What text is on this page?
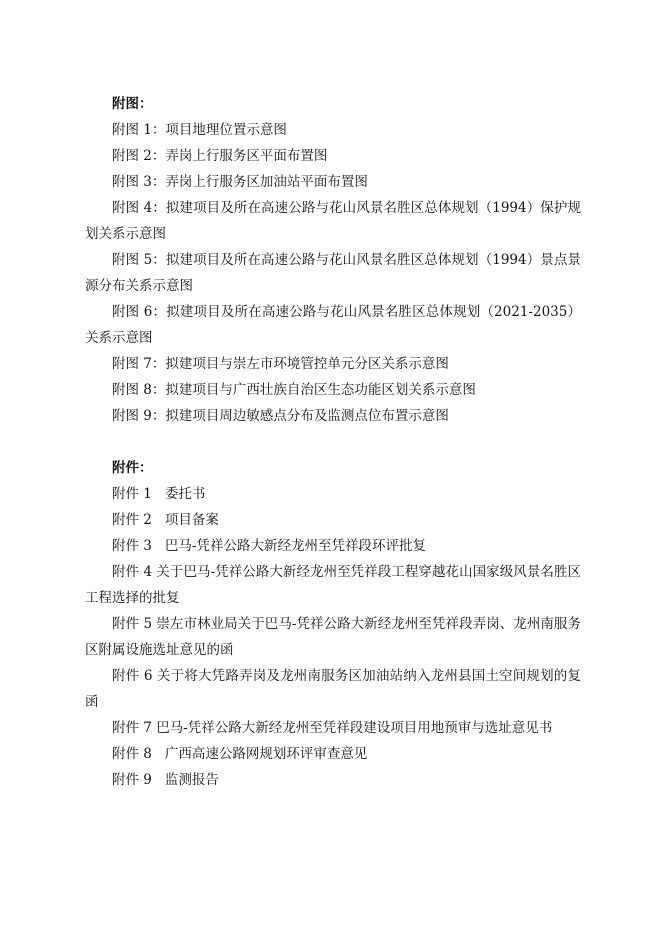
附图：

附图 1：项目地理位置示意图

附图 2：弄岗上行服务区平面布置图

附图 3：弄岗上行服务区加油站平面布置图

附图 4：拟建项目及所在高速公路与花山风景名胜区总体规划（1994）保护规划关系示意图

附图 5：拟建项目及所在高速公路与花山风景名胜区总体规划（1994）景点景源分布关系示意图

附图 6：拟建项目及所在高速公路与花山风景名胜区总体规划（2021-2035）关系示意图

附图 7：拟建项目与崇左市环境管控单元分区关系示意图

附图 8：拟建项目与广西壮族自治区生态功能区划关系示意图

附图 9：拟建项目周边敏感点分布及监测点位布置示意图

附件：

附件 1 委托书

附件 2 项目备案

附件 3 巴马-凭祥公路大新经龙州至凭祥段环评批复

附件 4 关于巴马-凭祥公路大新经龙州至凭祥段工程穿越花山国家级风景名胜区工程选择的批复

附件 5 崇左市林业局关于巴马-凭祥公路大新经龙州至凭祥段弄岗、龙州南服务区附属设施选址意见的函

附件 6 关于将大凭路弄岗及龙州南服务区加油站纳入龙州县国土空间规划的复函

附件 7 巴马-凭祥公路大新经龙州至凭祥段建设项目用地预审与选址意见书

附件 8 广西高速公路网规划环评审查意见

附件 9 监测报告
